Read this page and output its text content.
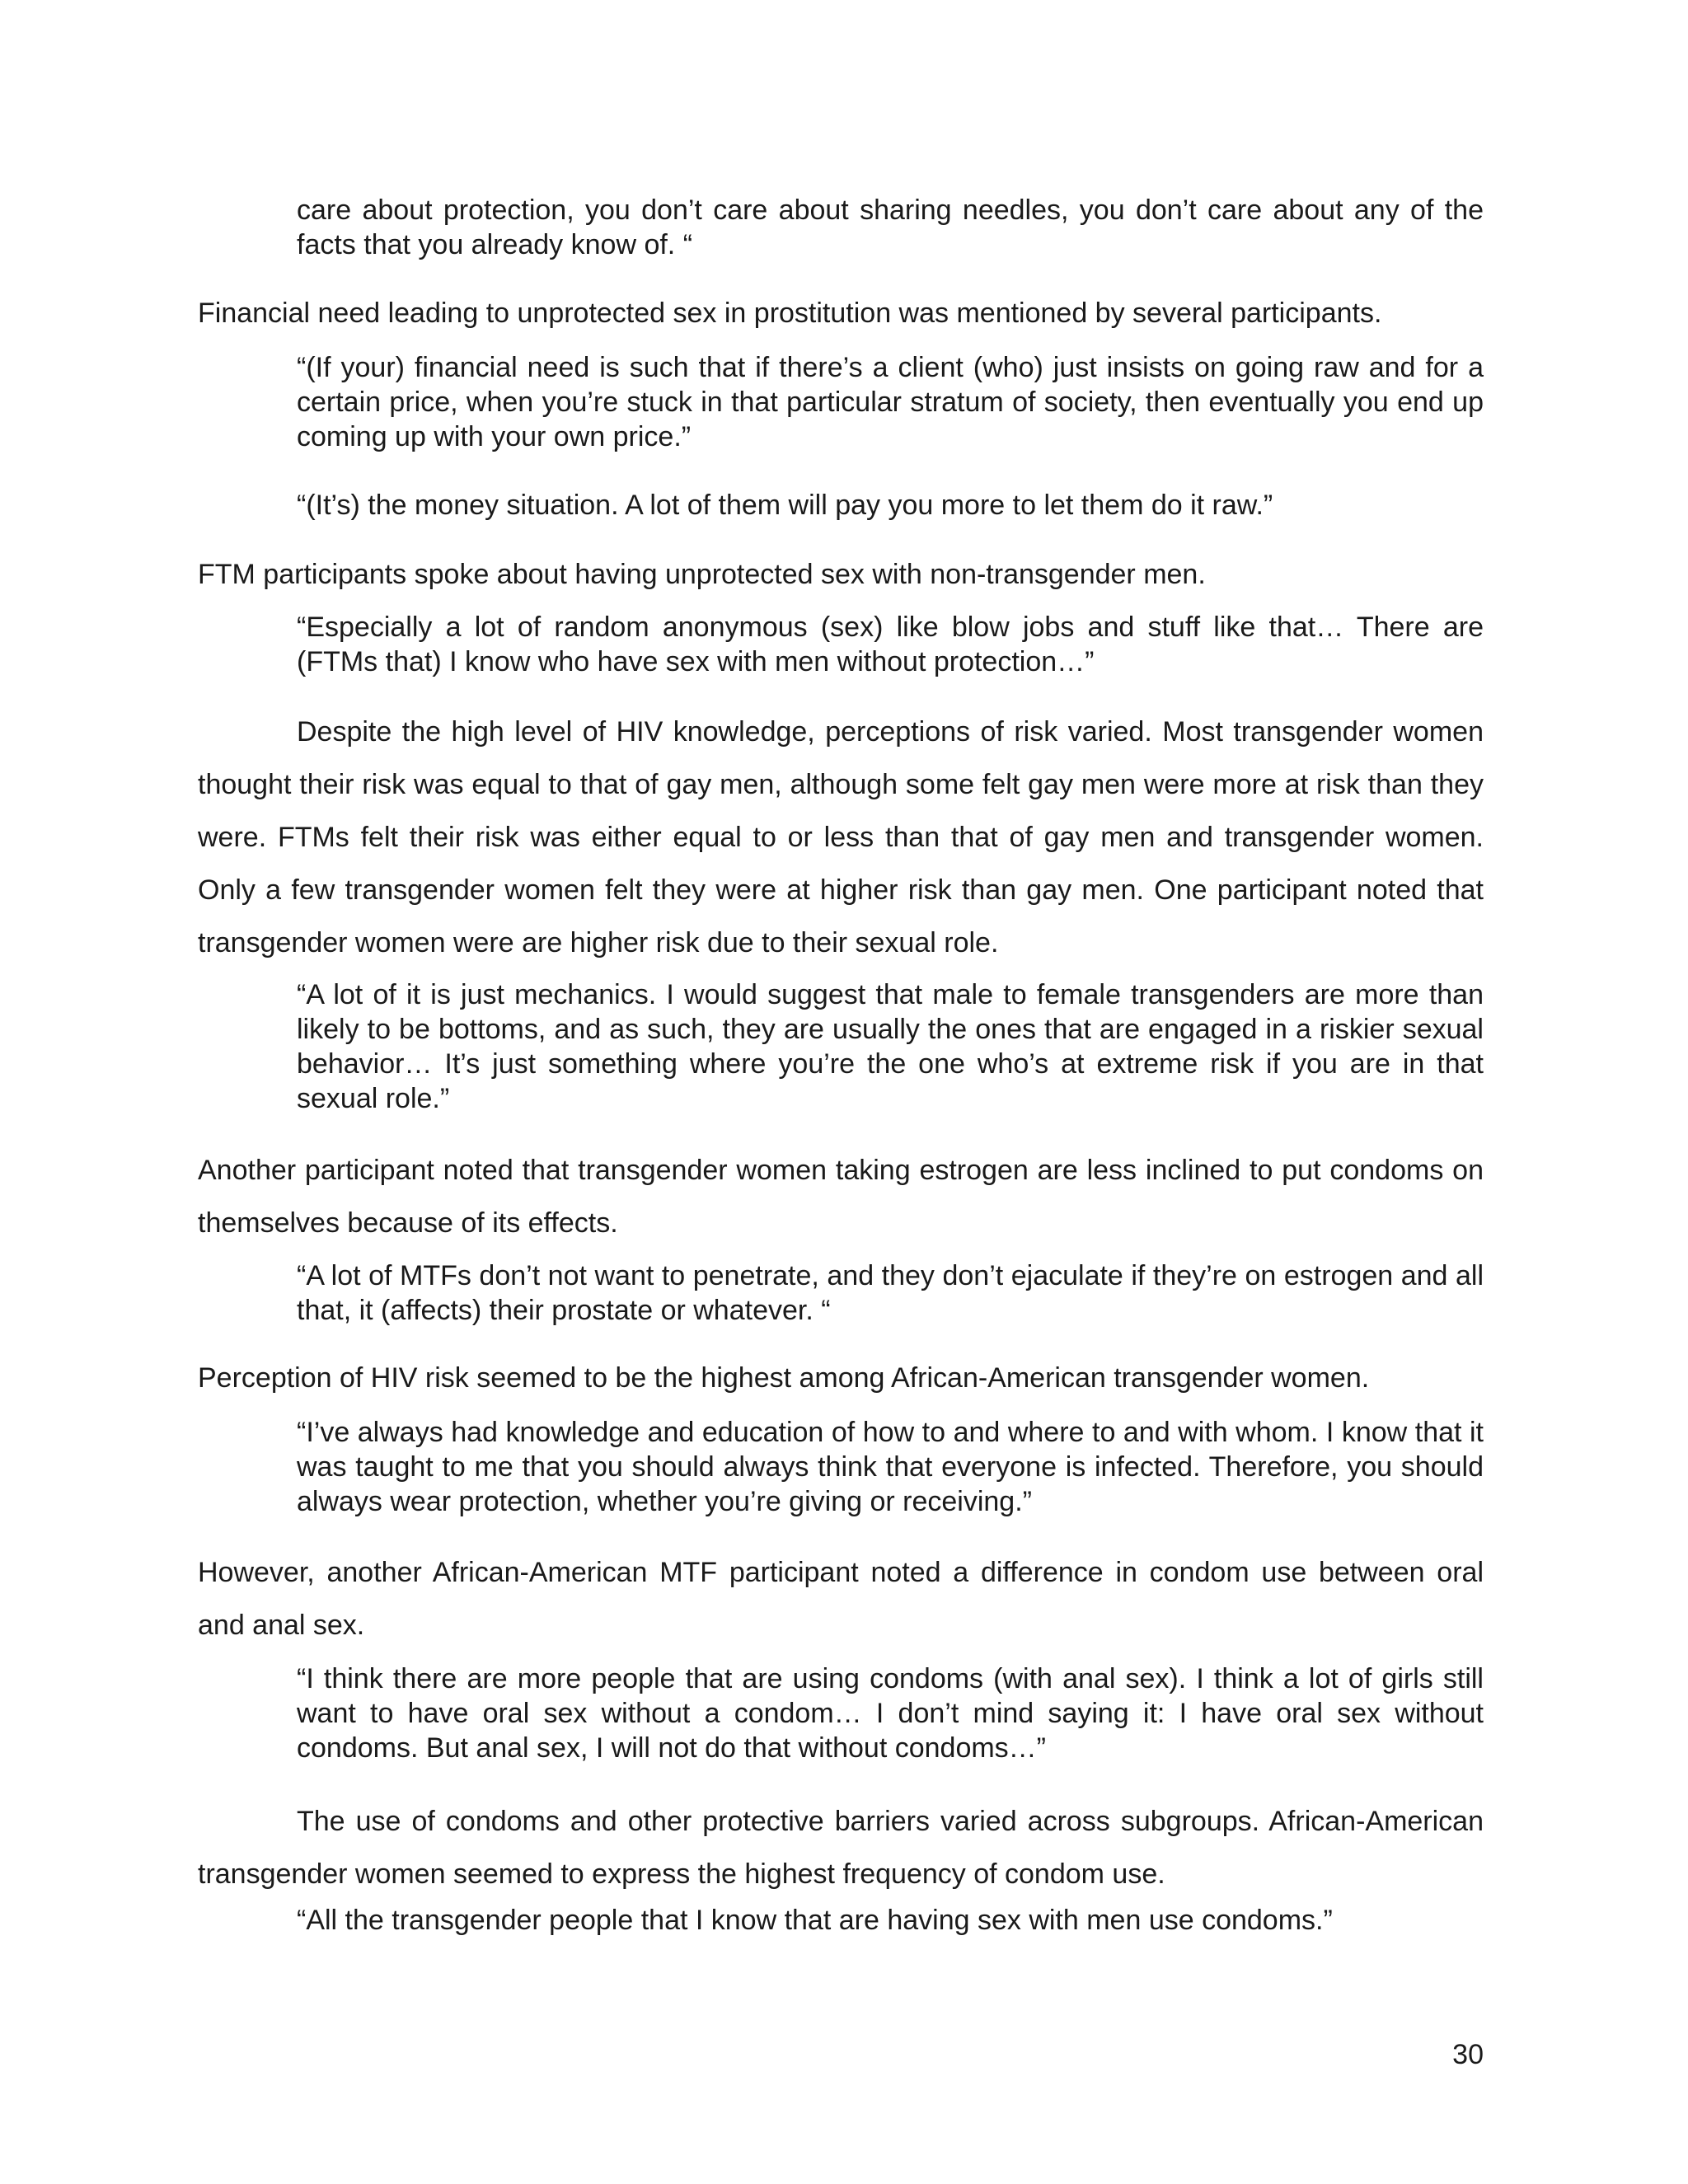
care about protection, you don’t care about sharing needles, you don’t care about any of the facts that you already know of. “

Financial need leading to unprotected sex in prostitution was mentioned by several participants.

“(If your) financial need is such that if there’s a client (who) just insists on going raw and for a certain price, when you’re stuck in that particular stratum of society, then eventually you end up coming up with your own price.”

“(It’s) the money situation. A lot of them will pay you more to let them do it raw.”

FTM participants spoke about having unprotected sex with non-transgender men.

“Especially a lot of random anonymous (sex) like blow jobs and stuff like that… There are (FTMs that) I know who have sex with men without protection…”

Despite the high level of HIV knowledge, perceptions of risk varied. Most transgender women thought their risk was equal to that of gay men, although some felt gay men were more at risk than they were. FTMs felt their risk was either equal to or less than that of gay men and transgender women. Only a few transgender women felt they were at higher risk than gay men. One participant noted that transgender women were are higher risk due to their sexual role.

“A lot of it is just mechanics. I would suggest that male to female transgenders are more than likely to be bottoms, and as such, they are usually the ones that are engaged in a riskier sexual behavior… It’s just something where you’re the one who’s at extreme risk if you are in that sexual role.”

Another participant noted that transgender women taking estrogen are less inclined to put condoms on themselves because of its effects.

“A lot of MTFs don’t not want to penetrate, and they don’t ejaculate if they’re on estrogen and all that, it (affects) their prostate or whatever. “

Perception of HIV risk seemed to be the highest among African-American transgender women.

“I’ve always had knowledge and education of how to and where to and with whom. I know that it was taught to me that you should always think that everyone is infected. Therefore, you should always wear protection, whether you’re giving or receiving.”

However, another African-American MTF participant noted a difference in condom use between oral and anal sex.

“I think there are more people that are using condoms (with anal sex). I think a lot of girls still want to have oral sex without a condom… I don’t mind saying it: I have oral sex without condoms. But anal sex, I will not do that without condoms…”

The use of condoms and other protective barriers varied across subgroups. African-American transgender women seemed to express the highest frequency of condom use.

“All the transgender people that I know that are having sex with men use condoms.”

30
